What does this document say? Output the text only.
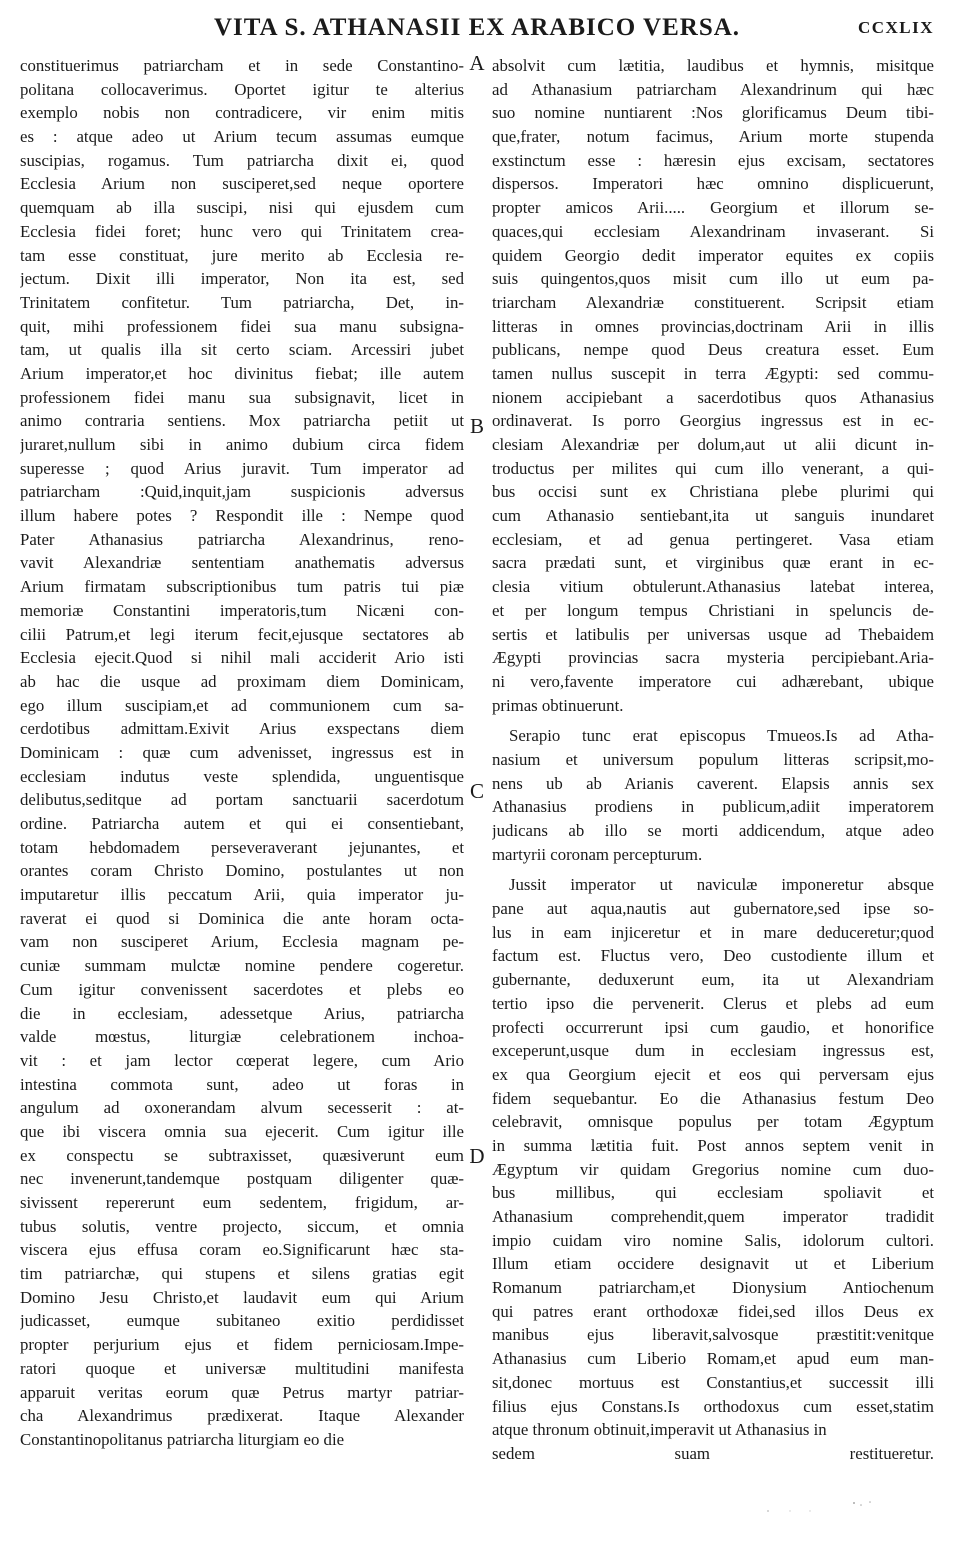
VITA S. ATHANASII EX ARABICO VERSA.	CCXLIX
constituerimus patriarcham et in sede Constantino-
politana collocaverimus. Oportet igitur te alterius
exemplo nobis non contradicere, vir enim mitis
es : atque adeo ut Arium tecum assumas eumque
suscipias, rogamus. Tum patriarcha dixit ei, quod
Ecclesia Arium non susciperet,sed neque oportere
quemquam ab illa suscipi, nisi qui ejusdem cum
Ecclesia fidei foret; hunc vero qui Trinitatem crea-
tam esse constituat, jure merito ab Ecclesia re-
jectum. Dixit illi imperator, Non ita est, sed
Trinitatem confitetur. Tum patriarcha, Det, in-
quit, mihi professionem fidei sua manu subsigna-
tam, ut qualis illa sit certo sciam. Arcessiri jubet
Arium imperator,et hoc divinitus fiebat; ille autem
professionem fidei manu sua subsignavit, licet in
animo contraria sentiens. Mox patriarcha petiit ut
juraret,nullum sibi in animo dubium circa fidem
superesse ; quod Arius juravit. Tum imperator ad
patriarcham :Quid,inquit,jam suspicionis adversus
illum habere potes ? Respondit ille : Nempe quod
Pater Athanasius patriarcha Alexandrinus, reno-
vavit Alexandriæ sententiam anathematis adversus
Arium firmatam subscriptionibus tum patris tui piæ
memoriæ Constantini imperatoris,tum Nicæni con-
cilii Patrum,et legi iterum fecit,ejusque sectatores ab
Ecclesia ejecit.Quod si nihil mali acciderit Ario isti
ab hac die usque ad proximam diem Dominicam,
ego illum suscipiam,et ad communionem cum sa-
cerdotibus admittam.Exivit Arius exspectans diem
Dominicam : quæ cum advenisset, ingressus est in
ecclesiam indutus veste splendida, unguentisque
delibutus,seditque ad portam sanctuarii sacerdotum
ordine. Patriarcha autem et qui ei consentiebant,
totam hebdomadem perseveraverant jejunantes, et
orantes coram Christo Domino, postulantes ut non
imputaretur illis peccatum Arii, quia imperator ju-
raverat ei quod si Dominica die ante horam octa-
vam non susciperet Arium, Ecclesia magnam pe-
cuniæ summam mulctæ nomine pendere cogeretur.
Cum igitur convenissent sacerdotes et plebs eo
die in ecclesiam, adessetque Arius, patriarcha
valde mœstus, liturgiæ celebrationem inchoa-
vit : et jam lector cœperat legere, cum Ario
intestina commota sunt, adeo ut foras in
angulum ad oxonerandam alvum secesserit : at-
que ibi viscera omnia sua ejecerit. Cum igitur ille
ex conspectu se subtraxisset, quæsiverunt eum
nec invenerunt,tandemque postquam diligenter quæ-
sivissent repererunt eum sedentem, frigidum, ar-
tubus solutis, ventre projecto, siccum, et omnia
viscera ejus effusa coram eo.Significarunt hæc sta-
tim patriarchæ, qui stupens et silens gratias egit
Domino Jesu Christo,et laudavit eum qui Arium
judicasset, eumque subitaneo exitio perdidisset
propter perjurium ejus et fidem perniciosam.Impe-
ratori quoque et universæ multitudini manifesta
apparuit veritas eorum quæ Petrus martyr patriar-
cha Alexandrimus prædixerat. Itaque Alexander
Constantinopolitanus patriarcha liturgiam eo die
absolvit cum lætitia, laudibus et hymnis, misitque
ad Athanasium patriarcham Alexandrinum qui hæc
suo nomine nuntiarent :Nos glorificamus Deum tibi-
que,frater, notum facimus, Arium morte stupenda
exstinctum esse : hæresin ejus excisam, sectatores
dispersos. Imperatori hæc omnino displicuerunt,
propter amicos Arii..... Georgium et illorum se-
quaces,qui ecclesiam Alexandrinam invaserant. Si
quidem Georgio dedit imperator equites ex copiis
suis quingentos,quos misit cum illo ut eum pa-
triarcham Alexandriæ constituerent. Scripsit etiam
litteras in omnes provincias,doctrinam Arii in illis
publicans, nempe quod Deus creatura esset. Eum
tamen nullus suscepit in terra Ægypti: sed commu-
nionem accipiebant a sacerdotibus quos Athanasius
ordinaverat. Is porro Georgius ingressus est in ec-
clesiam Alexandriæ per dolum,aut ut alii dicunt in-
troductus per milites qui cum illo venerant, a qui-
bus occisi sunt ex Christiana plebe plurimi qui
cum Athanasio sentiebant,ita ut sanguis inundaret
ecclesiam, et ad genua pertingeret. Vasa etiam
sacra prædati sunt, et virginibus quæ erant in ec-
clesia vitium obtulerunt.Athanasius latebat interea,
et per longum tempus Christiani in speluncis de-
sertis et latibulis per universas usque ad Thebaidem
Ægypti provincias sacra mysteria percipiebant.Aria-
ni vero,favente imperatore cui adhærebant, ubique
primas obtinuerunt.
Serapio tunc erat episcopus Tmueos.Is ad Atha-
nasium et universum populum litteras scripsit,mo-
nens ub ab Arianis caverent. Elapsis annis sex
Athanasius prodiens in publicum,adiit imperatorem
judicans ab illo se morti addicendum, atque adeo
martyrii coronam percepturum.
Jussit imperator ut naviculæ imponeretur absque
pane aut aqua,nautis aut gubernatore,sed ipse so-
lus in eam injiceretur et in mare deduceretur;quod
factum est. Fluctus vero, Deo custodiente illum et
gubernante, deduxerunt eum, ita ut Alexandriam
tertio ipso die pervenerit. Clerus et plebs ad eum
profecti occurrerunt ipsi cum gaudio, et honorifice
exceperunt,usque dum in ecclesiam ingressus est,
ex qua Georgium ejecit et eos qui perversam ejus
fidem sequebantur. Eo die Athanasius festum Deo
celebravit, omnisque populus per totam Ægyptum
in summa lætitia fuit. Post annos septem venit in
Ægyptum vir quidam Gregorius nomine cum duo-
bus millibus, qui ecclesiam spoliavit et
Athanasium comprehendit,quem imperator tradidit
impio cuidam viro nomine Salis, idolorum cultori.
Illum etiam occidere designavit ut et Liberium
Romanum patriarcham,et Dionysium Antiochenum
qui patres erant orthodoxæ fidei,sed illos Deus ex
manibus ejus liberavit,salvosque præstitit:venitque
Athanasius cum Liberio Romam,et apud eum man-
sit,donec mortuus est Constantius,et successit illi
filius ejus Constans.Is orthodoxus cum esset,statim
atque thronum obtinuit,imperavit ut Athanasius in
sedem suam restitueretur.
A
B
C
D
